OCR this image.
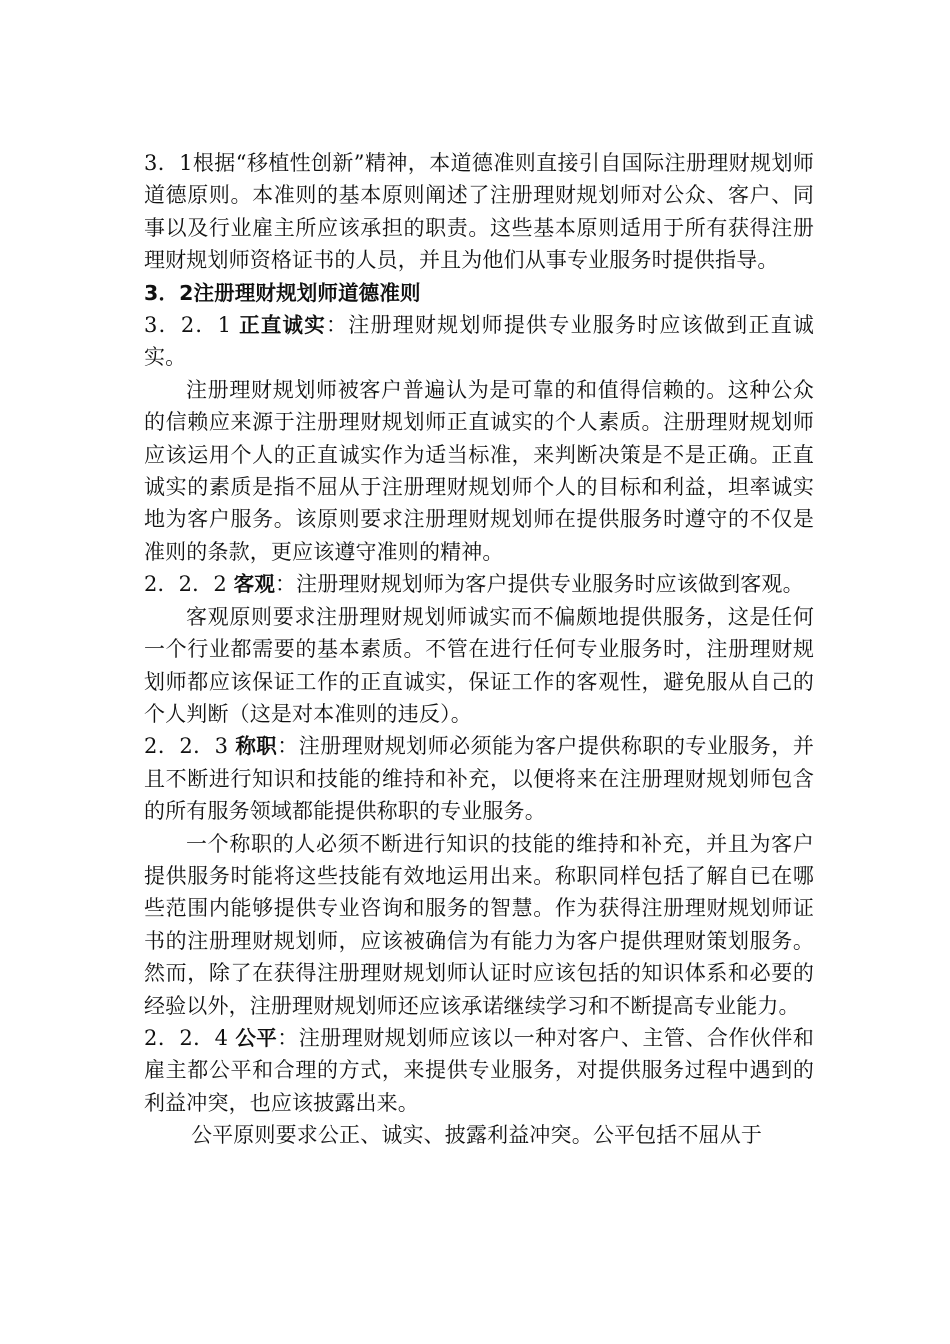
3．1根据“移植性创新”精神，本道德准则直接引自国际注册理财规划师道德原则。本准则的基本原则阐述了注册理财规划师对公众、客户、同事以及行业雇主所应该承担的职责。这些基本原则适用于所有获得注册理财规划师资格证书的人员，并且为他们从事专业服务时提供指导。

3．2注册理财规划师道德准则

3．2．1 正直诚实：注册理财规划师提供专业服务时应该做到正直诚实。

注册理财规划师被客户普遍认为是可靠的和值得信赖的。这种公众的信赖应来源于注册理财规划师正直诚实的个人素质。注册理财规划师应该运用个人的正直诚实作为适当标准，来判断决策是不是正确。正直诚实的素质是指不屈从于注册理财规划师个人的目标和利益，坦率诚实地为客户服务。该原则要求注册理财规划师在提供服务时遵守的不仅是准则的条款，更应该遵守准则的精神。

2．2．2 客观：注册理财规划师为客户提供专业服务时应该做到客观。

客观原则要求注册理财规划师诚实而不偏颇地提供服务，这是任何一个行业都需要的基本素质。不管在进行任何专业服务时，注册理财规划师都应该保证工作的正直诚实，保证工作的客观性，避免服从自己的个人判断（这是对本准则的违反）。

2．2．3 称职：注册理财规划师必须能为客户提供称职的专业服务，并且不断进行知识和技能的维持和补充，以便将来在注册理财规划师包含的所有服务领域都能提供称职的专业服务。

一个称职的人必须不断进行知识的技能的维持和补充，并且为客户提供服务时能将这些技能有效地运用出来。称职同样包括了解自已在哪些范围内能够提供专业咨询和服务的智慧。作为获得注册理财规划师证书的注册理财规划师，应该被确信为有能力为客户提供理财策划服务。然而，除了在获得注册理财规划师认证时应该包括的知识体系和必要的经验以外，注册理财规划师还应该承诺继续学习和不断提高专业能力。

2．2．4 公平：注册理财规划师应该以一种对客户、主管、合作伙伴和雇主都公平和合理的方式，来提供专业服务，对提供服务过程中遇到的利益冲突，也应该披露出来。

公平原则要求公正、诚实、披露利益冲突。公平包括不屈从于
